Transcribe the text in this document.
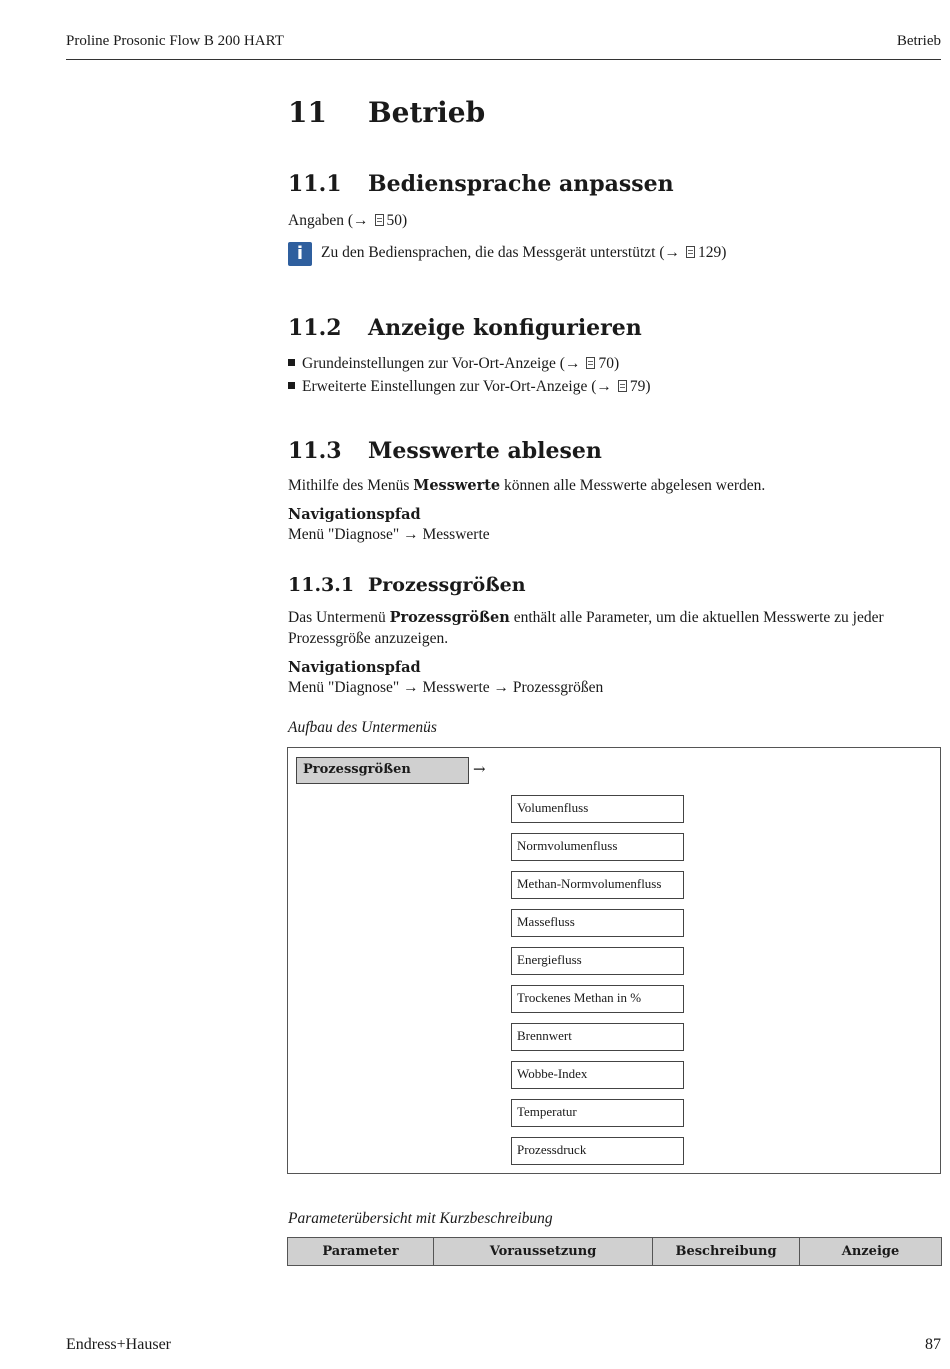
Proline Prosonic Flow B 200 HART	Betrieb
11 Betrieb
11.1 Bediensprache anpassen
Angaben (→ 50)
i	Zu den Bediensprachen, die das Messgerät unterstützt (→ 129)
11.2 Anzeige konfigurieren
Grundeinstellungen zur Vor-Ort-Anzeige (→ 70)
Erweiterte Einstellungen zur Vor-Ort-Anzeige (→ 79)
11.3 Messwerte ablesen
Mithilfe des Menüs Messwerte können alle Messwerte abgelesen werden.
Navigationspfad
Menü "Diagnose" → Messwerte
11.3.1 Prozessgrößen
Das Untermenü Prozessgrößen enthält alle Parameter, um die aktuellen Messwerte zu jeder
Prozessgröße anzuzeigen.
Navigationspfad
Menü "Diagnose" → Messwerte → Prozessgrößen
Aufbau des Untermenüs
Prozessgrößen	→
Volumenfluss
Normvolumenfluss
Methan-Normvolumenfluss
Massefluss
Energiefluss
Trockenes Methan in %
Brennwert
Wobbe-Index
Temperatur
Prozessdruck
Parameterübersicht mit Kurzbeschreibung
Parameter	Voraussetzung	Beschreibung	Anzeige
Endress+Hauser	87
